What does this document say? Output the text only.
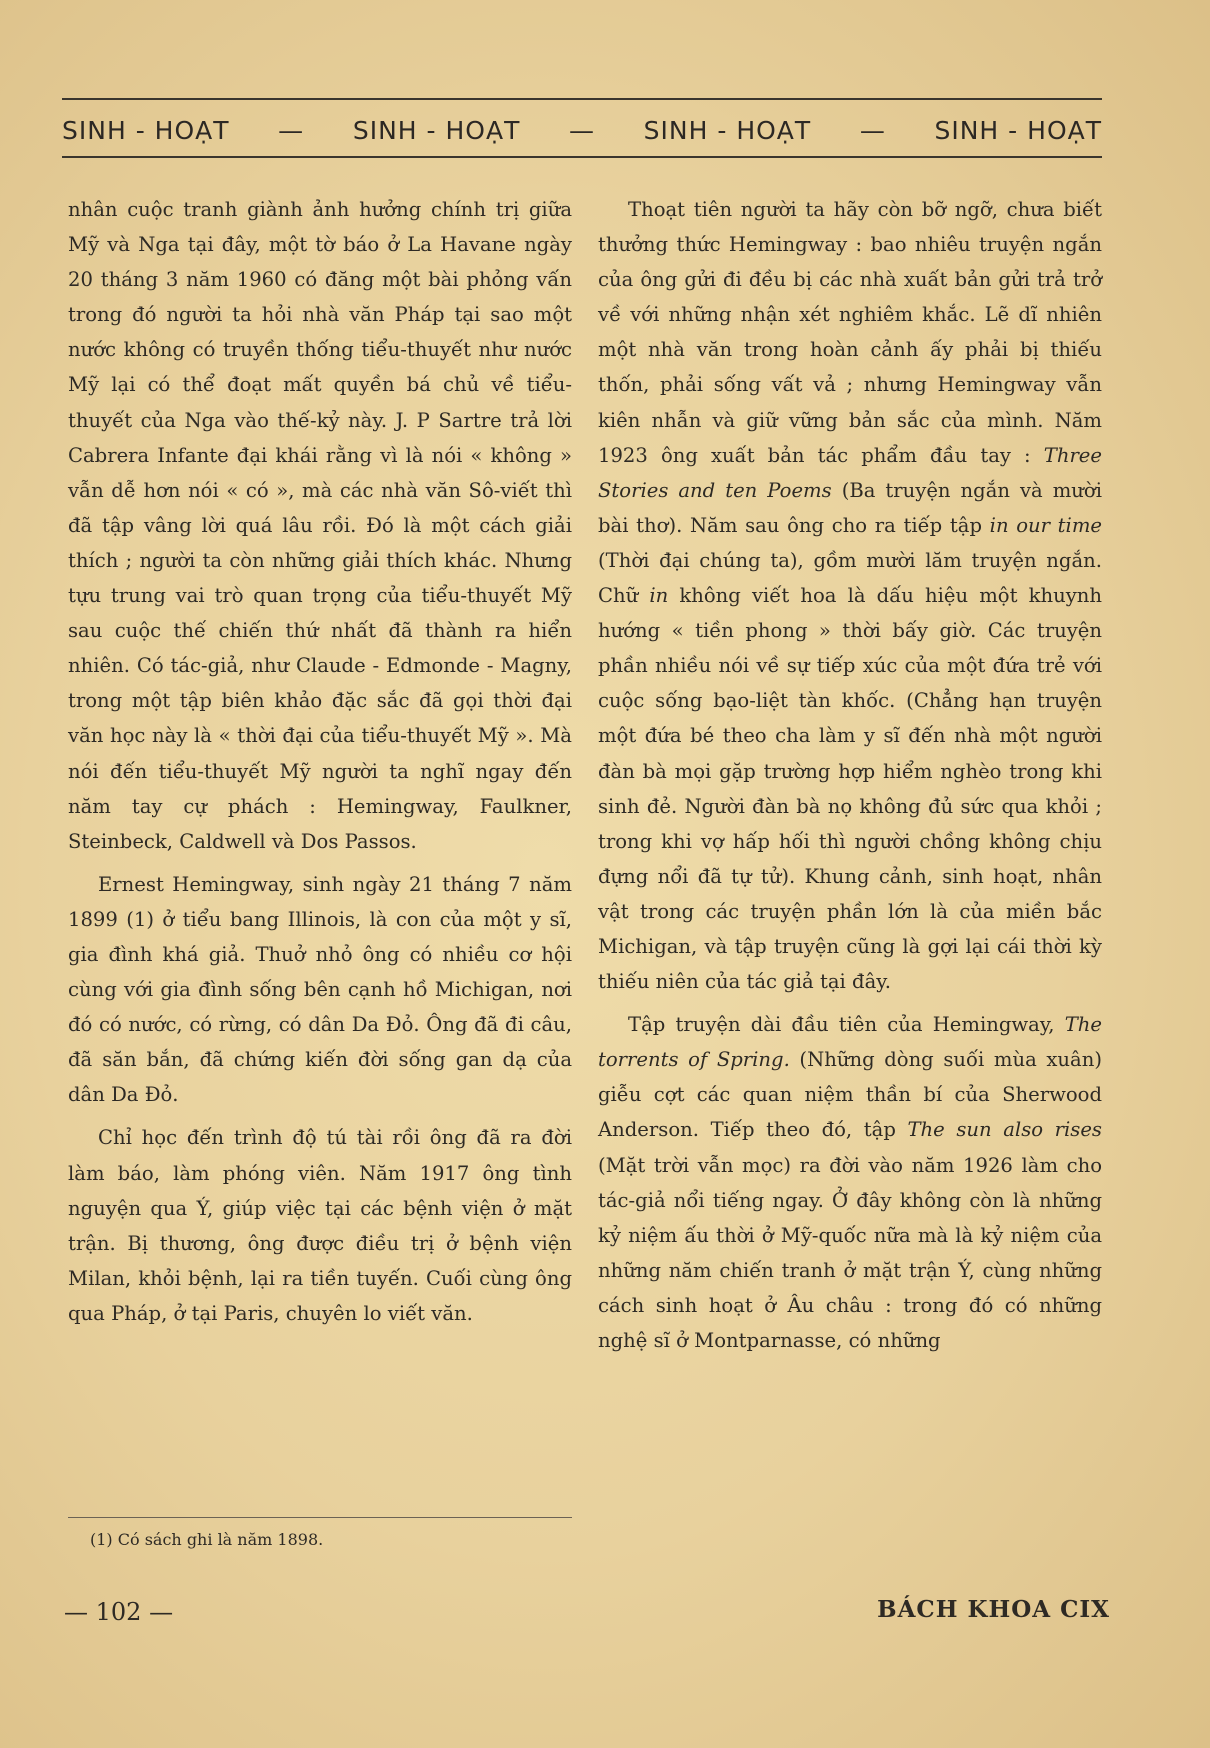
SINH - HOẠT — SINH - HOẠT — SINH - HOẠT — SINH - HOẠT

nhân cuộc tranh giành ảnh hưởng chính trị giữa Mỹ và Nga tại đây, một tờ báo ở La Havane ngày 20 tháng 3 năm 1960 có đăng một bài phỏng vấn trong đó người ta hỏi nhà văn Pháp tại sao một nước không có truyền thống tiểu-thuyết như nước Mỹ lại có thể đoạt mất quyền bá chủ về tiểu-thuyết của Nga vào thế-kỷ này. J. P Sartre trả lời Cabrera Infante đại khái rằng vì là nói « không » vẫn dễ hơn nói « có », mà các nhà văn Sô-viết thì đã tập vâng lời quá lâu rồi. Đó là một cách giải thích ; người ta còn những giải thích khác. Nhưng tựu trung vai trò quan trọng của tiểu-thuyết Mỹ sau cuộc thế chiến thứ nhất đã thành ra hiển nhiên. Có tác-giả, như Claude - Edmonde - Magny, trong một tập biên khảo đặc sắc đã gọi thời đại văn học này là « thời đại của tiểu-thuyết Mỹ ». Mà nói đến tiểu-thuyết Mỹ người ta nghĩ ngay đến năm tay cự phách : Hemingway, Faulkner, Steinbeck, Caldwell và Dos Passos.

Ernest Hemingway, sinh ngày 21 tháng 7 năm 1899 (1) ở tiểu bang Illinois, là con của một y sĩ, gia đình khá giả. Thuở nhỏ ông có nhiều cơ hội cùng với gia đình sống bên cạnh hồ Michigan, nơi đó có nước, có rừng, có dân Da Đỏ. Ông đã đi câu, đã săn bắn, đã chứng kiến đời sống gan dạ của dân Da Đỏ.

Chỉ học đến trình độ tú tài rồi ông đã ra đời làm báo, làm phóng viên. Năm 1917 ông tình nguyện qua Ý, giúp việc tại các bệnh viện ở mặt trận. Bị thương, ông được điều trị ở bệnh viện Milan, khỏi bệnh, lại ra tiền tuyến. Cuối cùng ông qua Pháp, ở tại Paris, chuyên lo viết văn.

(1) Có sách ghi là năm 1898.

Thoạt tiên người ta hãy còn bỡ ngỡ, chưa biết thưởng thức Hemingway : bao nhiêu truyện ngắn của ông gửi đi đều bị các nhà xuất bản gửi trả trở về với những nhận xét nghiêm khắc. Lẽ dĩ nhiên một nhà văn trong hoàn cảnh ấy phải bị thiếu thốn, phải sống vất vả ; nhưng Hemingway vẫn kiên nhẫn và giữ vững bản sắc của mình. Năm 1923 ông xuất bản tác phẩm đầu tay : Three Stories and ten Poems (Ba truyện ngắn và mười bài thơ). Năm sau ông cho ra tiếp tập in our time (Thời đại chúng ta), gồm mười lăm truyện ngắn. Chữ in không viết hoa là dấu hiệu một khuynh hướng « tiền phong » thời bấy giờ. Các truyện phần nhiều nói về sự tiếp xúc của một đứa trẻ với cuộc sống bạo-liệt tàn khốc. (Chẳng hạn truyện một đứa bé theo cha làm y sĩ đến nhà một người đàn bà mọi gặp trường hợp hiểm nghèo trong khi sinh đẻ. Người đàn bà nọ không đủ sức qua khỏi ; trong khi vợ hấp hối thì người chồng không chịu đựng nổi đã tự tử). Khung cảnh, sinh hoạt, nhân vật trong các truyện phần lớn là của miền bắc Michigan, và tập truyện cũng là gợi lại cái thời kỳ thiếu niên của tác giả tại đây.

Tập truyện dài đầu tiên của Hemingway, The torrents of Spring. (Những dòng suối mùa xuân) giễu cợt các quan niệm thần bí của Sherwood Anderson. Tiếp theo đó, tập The sun also rises (Mặt trời vẫn mọc) ra đời vào năm 1926 làm cho tác-giả nổi tiếng ngay. Ở đây không còn là những kỷ niệm ấu thời ở Mỹ-quốc nữa mà là kỷ niệm của những năm chiến tranh ở mặt trận Ý, cùng những cách sinh hoạt ở Âu châu : trong đó có những nghệ sĩ ở Montparnasse, có những

— 102 —	BÁCH KHOA CIX
